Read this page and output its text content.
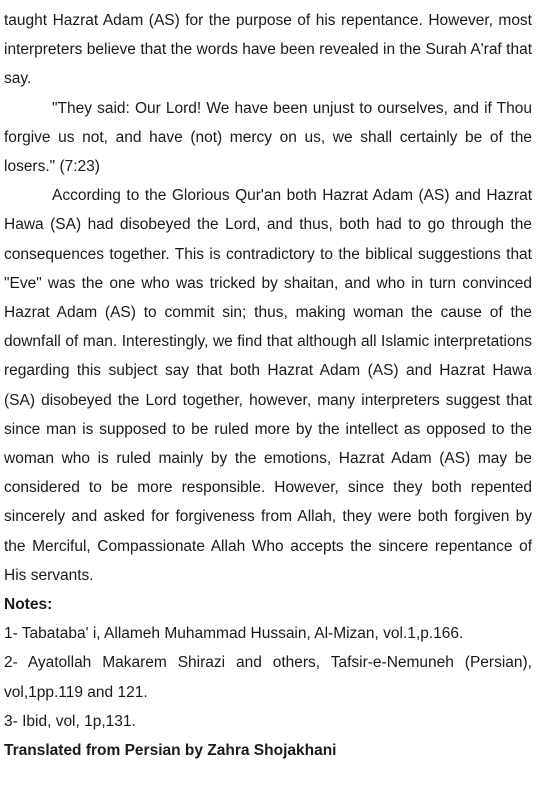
taught Hazrat Adam (AS) for the purpose of his repentance. However, most interpreters believe that the words have been revealed in the Surah A'raf that say.

"They said: Our Lord! We have been unjust to ourselves, and if Thou forgive us not, and have (not) mercy on us, we shall certainly be of the losers." (7:23)

According to the Glorious Qur'an both Hazrat Adam (AS) and Hazrat Hawa (SA) had disobeyed the Lord, and thus, both had to go through the consequences together. This is contradictory to the biblical suggestions that "Eve" was the one who was tricked by shaitan, and who in turn convinced Hazrat Adam (AS) to commit sin; thus, making woman the cause of the downfall of man. Interestingly, we find that although all Islamic interpretations regarding this subject say that both Hazrat Adam (AS) and Hazrat Hawa (SA) disobeyed the Lord together, however, many interpreters suggest that since man is supposed to be ruled more by the intellect as opposed to the woman who is ruled mainly by the emotions, Hazrat Adam (AS) may be considered to be more responsible. However, since they both repented sincerely and asked for forgiveness from Allah, they were both forgiven by the Merciful, Compassionate Allah Who accepts the sincere repentance of His servants.

Notes:

1- Tabataba' i, Allameh Muhammad Hussain, Al-Mizan, vol.1,p.166.

2- Ayatollah Makarem Shirazi and others, Tafsir-e-Nemuneh (Persian), vol,1pp.119 and 121.

3- Ibid, vol, 1p,131.

Translated from Persian by Zahra Shojakhani
